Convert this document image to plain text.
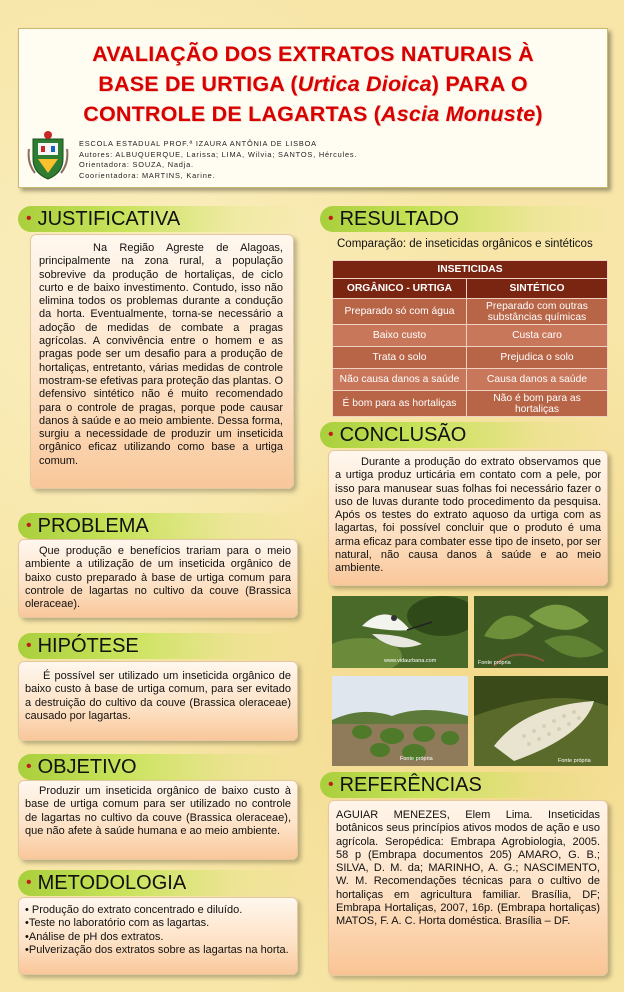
AVALIAÇÃO DOS EXTRATOS NATURAIS À
BASE DE URTIGA (Urtica Dioica) PARA O
CONTROLE DE LAGARTAS (Ascia Monuste)
ESCOLA ESTADUAL PROF.ª IZAURA ANTÔNIA DE LISBOA
Autores: ALBUQUERQUE, Larissa; LIMA, Wilvia; SANTOS, Hércules.
Orientadora: SOUZA, Nadja.
Coorientadora: MARTINS, Karine.
• JUSTIFICATIVA
Na Região Agreste de Alagoas, principalmente na zona rural, a população sobrevive da produção de hortaliças, de ciclo curto e de baixo investimento. Contudo, isso não elimina todos os problemas durante a condução da horta. Eventualmente, torna-se necessário a adoção de medidas de combate a pragas agrícolas. A convivência entre o homem e as pragas pode ser um desafio para a produção de hortaliças, entretanto, várias medidas de controle mostram-se efetivas para proteção das plantas. O defensivo sintético não é muito recomendado para o controle de pragas, porque pode causar danos à saúde e ao meio ambiente. Dessa forma, surgiu a necessidade de produzir um inseticida orgânico eficaz utilizando como base a urtiga comum.
• PROBLEMA
Que produção e benefícios trariam para o meio ambiente a utilização de um inseticida orgânico de baixo custo preparado à base de urtiga comum para controle de lagartas no cultivo da couve (Brassica oleraceae).
• HIPÓTESE
É possível ser utilizado um inseticida orgânico de baixo custo à base de urtiga comum, para ser evitado a destruição do cultivo da couve (Brassica oleraceae) causado por lagartas.
• OBJETIVO
Produzir um inseticida orgânico de baixo custo à base de urtiga comum para ser utilizado no controle de lagartas no cultivo da couve (Brassica oleraceae), que não afete à saúde humana e ao meio ambiente.
• METODOLOGIA
• Produção do extrato concentrado e diluído.
•Teste no laboratório com as lagartas.
•Análise de pH dos extratos.
•Pulverização dos extratos sobre as lagartas na horta.
• RESULTADO
Comparação: de inseticidas orgânicos e sintéticos
INSETICIDAS	
ORGÂNICO - URTIGA	SINTÉTICO
Preparado só com água	Preparado com outras substâncias químicas
Baixo custo	Custa caro
Trata o solo	Prejudica o solo
Não causa danos a saúde	Causa danos a saúde
É bom para as hortaliças	Não é bom para as hortaliças
• CONCLUSÃO
Durante a produção do extrato observamos que a urtiga produz urticária em contato com a pele, por isso para manusear suas folhas foi necessário fazer o uso de luvas durante todo procedimento da pesquisa. Após os testes do extrato aquoso da urtiga com as lagartas, foi possível concluir que o produto é uma arma eficaz para combater esse tipo de inseto, por ser natural, não causa danos à saúde e ao meio ambiente.
www.vidaurbana.com	Fonte própria
Fonte própria	Fonte própria
• REFERÊNCIAS
AGUIAR MENEZES, Elem Lima. Inseticidas botânicos seus princípios ativos modos de ação e uso agrícola. Seropédica: Embrapa Agrobiologia, 2005. 58 p (Embrapa documentos 205) AMARO, G. B.; SILVA, D. M. da; MARINHO, A. G.; NASCIMENTO, W. M. Recomendações técnicas para o cultivo de hortaliças em agricultura familiar. Brasília, DF; Embrapa Hortaliças, 2007, 16p. (Embrapa hortaliças) MATOS, F. A. C. Horta doméstica. Brasília – DF.
